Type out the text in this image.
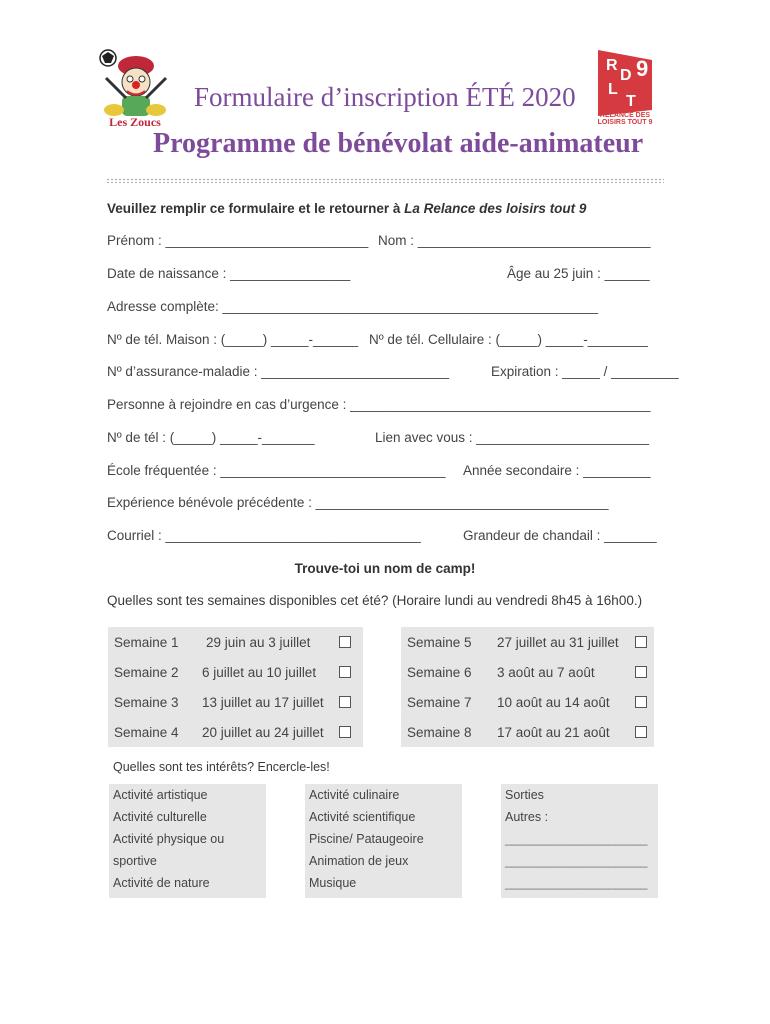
Les Zoucs
R
D
L
T
9
RELANCE DES LOISIRS TOUT 9
Formulaire d’inscription ÉTÉ 2020
Programme de bénévolat aide-animateur
Veuillez remplir ce formulaire et le retourner à La Relance des loisirs tout 9
Prénom : ___________________________ Nom : _______________________________
Date de naissance : ________________	Âge au 25 juin : ______
Adresse complète: __________________________________________________
Nº de tél. Maison : (_____) _____-______ Nº de tél. Cellulaire : (_____) _____-________
Nº d’assurance-maladie : _________________________	Expiration : _____ / _________
Personne à rejoindre en cas d’urgence : ________________________________________
Nº de tél : (_____) _____-_______	Lien avec vous : _______________________
École fréquentée : ______________________________ Année secondaire : _________
Expérience bénévole précédente : _______________________________________
Courriel : __________________________________	Grandeur de chandail : _______
Trouve-toi un nom de camp!
Quelles sont tes semaines disponibles cet été? (Horaire lundi au vendredi 8h45 à 16h00.)
Semaine 1	29 juin au 3 juillet
Semaine 2	6 juillet au 10 juillet
Semaine 3	13 juillet au 17 juillet
Semaine 4	20 juillet au 24 juillet
Semaine 5	27 juillet au 31 juillet
Semaine 6	3 août au 7 août
Semaine 7	10 août au 14 août
Semaine 8	17 août au 21 août
Quelles sont tes intérêts? Encercle-les!
Activité artistique
Activité culturelle
Activité physique ou
sportive
Activité de nature
Activité culinaire
Activité scientifique
Piscine/ Pataugeoire
Animation de jeux
Musique
Sorties
Autres :
______________________
______________________
______________________
